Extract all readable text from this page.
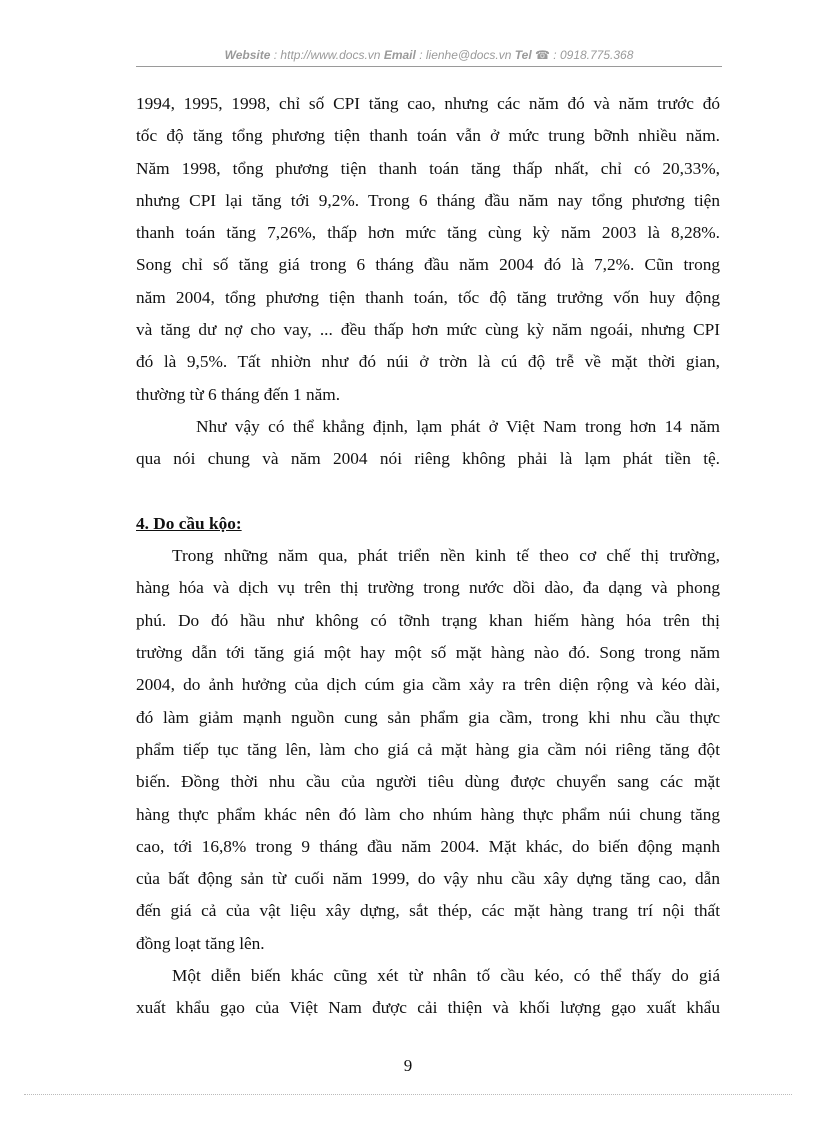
Website : http://www.docs.vn Email : lienhe@docs.vn Tel ☎ : 0918.775.368
1994, 1995, 1998, chỉ số CPI tăng cao, nhưng các năm đó và năm trước đó
tốc độ tăng tổng phương tiện thanh toán vẫn ở mức trung bỡnh nhiều năm.
Năm 1998, tổng phương tiện thanh toán tăng thấp nhất, chỉ có 20,33%,
nhưng CPI lại tăng tới 9,2%. Trong 6 tháng đầu năm nay tổng phương tiện
thanh toán tăng 7,26%, thấp hơn mức tăng cùng kỳ năm 2003 là 8,28%.
Song chỉ số tăng giá trong 6 tháng đầu năm 2004 đó là 7,2%. Cũn trong
năm 2004, tổng phương tiện thanh toán, tốc độ tăng trưởng vốn huy động
và tăng dư nợ cho vay, ... đều thấp hơn mức cùng kỳ năm ngoái, nhưng CPI
đó là 9,5%. Tất nhiờn như đó núi ở trờn là cú độ trễ về mặt thời gian,
thường từ 6 tháng đến 1 năm.
Như vậy có thể khẳng định, lạm phát ở Việt Nam trong hơn 14 năm
qua nói chung và năm 2004 nói riêng không phải là lạm phát tiền tệ.
4. Do cầu kộo:
Trong những năm qua, phát triển nền kinh tế theo cơ chế thị trường,
hàng hóa và dịch vụ trên thị trường trong nước dồi dào, đa dạng và phong
phú. Do đó hầu như không có tỡnh trạng khan hiếm hàng hóa trên thị
trường dẫn tới tăng giá một hay một số mặt hàng nào đó. Song trong năm
2004, do ảnh hưởng của dịch cúm gia cầm xảy ra trên diện rộng và kéo dài,
đó làm giảm mạnh nguồn cung sản phẩm gia cầm, trong khi nhu cầu thực
phẩm tiếp tục tăng lên, làm cho giá cả mặt hàng gia cầm nói riêng tăng đột
biến. Đồng thời nhu cầu của người tiêu dùng được chuyển sang các mặt
hàng thực phẩm khác nên đó làm cho nhúm hàng thực phẩm núi chung tăng
cao, tới 16,8% trong 9 tháng đầu năm 2004. Mặt khác, do biến động mạnh
của bất động sản từ cuối năm 1999, do vậy nhu cầu xây dựng tăng cao, dẫn
đến giá cả của vật liệu xây dựng, sắt thép, các mặt hàng trang trí nội thất
đồng loạt tăng lên.
Một diễn biến khác cũng xét từ nhân tố cầu kéo, có thể thấy do giá
xuất khẩu gạo của Việt Nam được cải thiện và khối lượng gạo xuất khẩu
9
